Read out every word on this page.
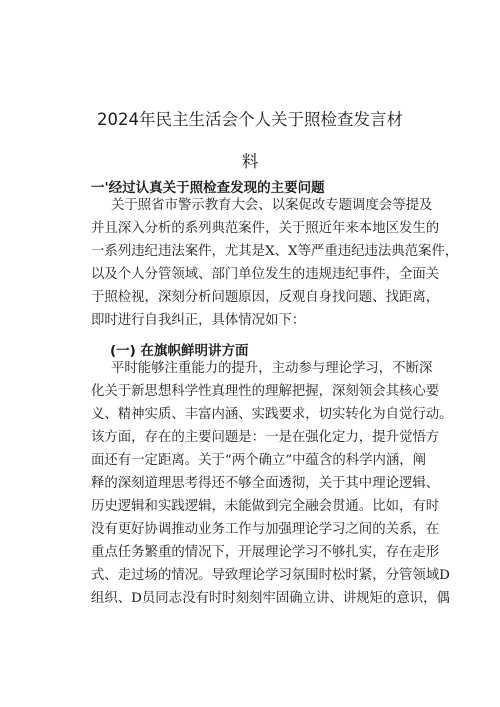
2024年民主生活会个人关于照检查发言材
料
一'经过认真关于照检查发现的主要问题
关于照省市警示教育大会、以案促改专题调度会等提及
并且深入分析的系列典范案件，关于照近年来本地区发生的
一系列违纪违法案件，尤其是X、X等严重违纪违法典范案件，
以及个人分管领域、部门单位发生的违规违纪事件，全面关
于照检视，深刻分析问题原因，反观自身找问题、找距离，
即时进行自我纠正，具体情况如下：
(一) 在旗帜鲜明讲方面
平时能够注重能力的提升，主动参与理论学习，不断深
化关于新思想科学性真理性的理解把握，深刻领会其核心要
义、精神实质、丰富内涵、实践要求，切实转化为自觉行动。
该方面，存在的主要问题是：一是在强化定力，提升觉悟方
面还有一定距离。关于“两个确立”中蕴含的科学内涵，阐
释的深刻道理思考得还不够全面透彻，关于其中理论逻辑、
历史逻辑和实践逻辑，未能做到完全融会贯通。比如，有时
没有更好协调推动业务工作与加强理论学习之间的关系，在
重点任务繁重的情况下，开展理论学习不够扎实，存在走形
式、走过场的情况。导致理论学习氛围时松时紧，分管领域D
组织、D员同志没有时时刻刻牢固确立讲、讲规矩的意识，偶
